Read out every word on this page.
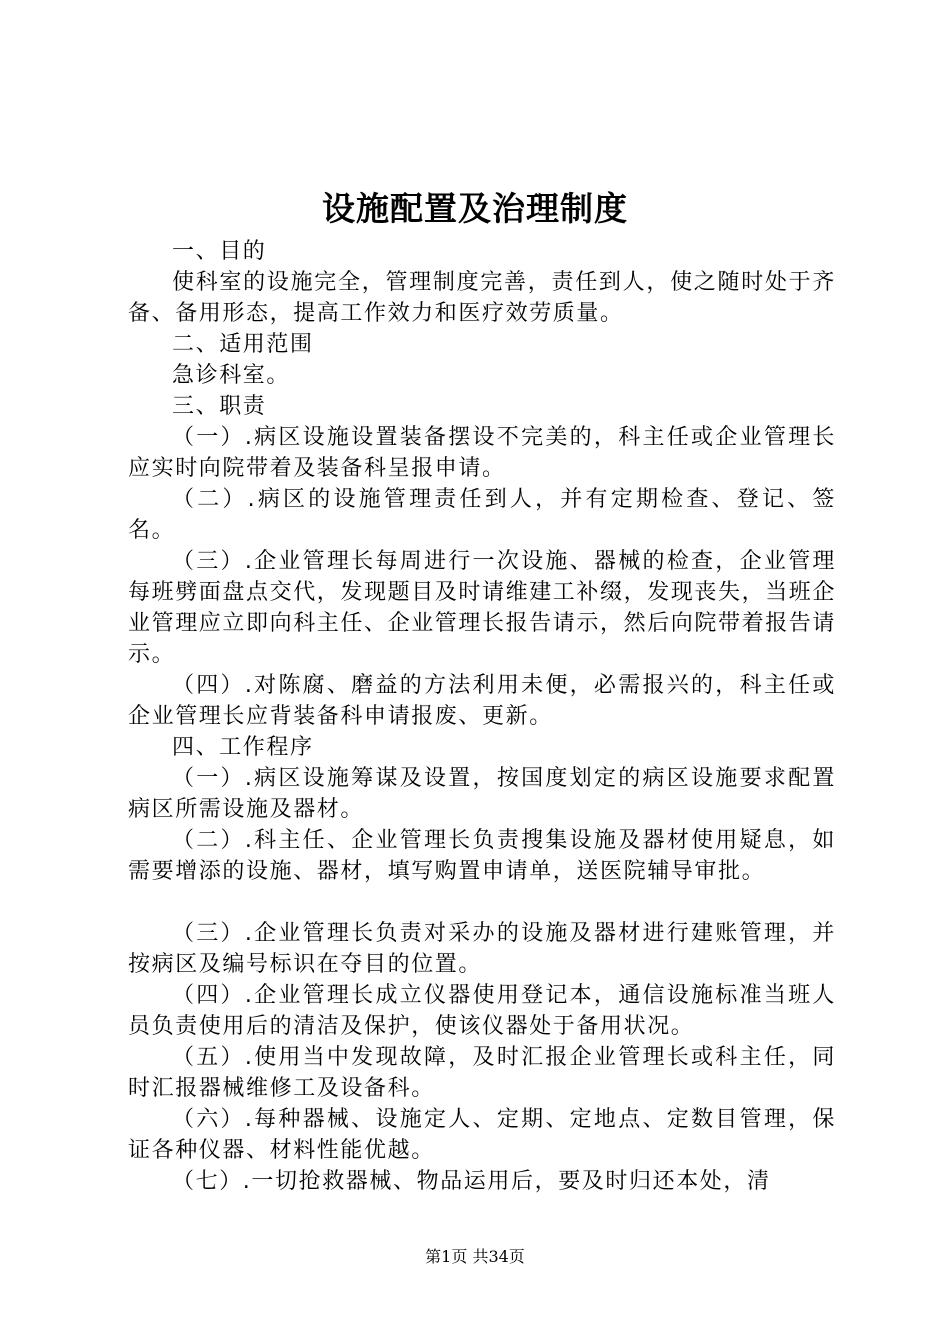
设施配置及治理制度

一、目的

使科室的设施完全，管理制度完善，责任到人，使之随时处于齐备、备用形态，提高工作效力和医疗效劳质量。

二、适用范围

急诊科室。

三、职责

（一）.病区设施设置装备摆设不完美的，科主任或企业管理长应实时向院带着及装备科呈报申请。

（二）.病区的设施管理责任到人，并有定期检查、登记、签名。

（三）.企业管理长每周进行一次设施、器械的检查，企业管理每班劈面盘点交代，发现题目及时请维建工补缀，发现丧失，当班企业管理应立即向科主任、企业管理长报告请示，然后向院带着报告请示。

（四）.对陈腐、磨益的方法利用未便，必需报兴的，科主任或企业管理长应背装备科申请报废、更新。

四、工作程序

（一）.病区设施筹谋及设置，按国度划定的病区设施要求配置病区所需设施及器材。

（二）.科主任、企业管理长负责搜集设施及器材使用疑息，如需要增添的设施、器材，填写购置申请单，送医院辅导审批。

（三）.企业管理长负责对采办的设施及器材进行建账管理，并按病区及编号标识在夺目的位置。

（四）.企业管理长成立仪器使用登记本，通信设施标准当班人员负责使用后的清洁及保护，使该仪器处于备用状况。

（五）.使用当中发现故障，及时汇报企业管理长或科主任，同时汇报器械维修工及设备科。

（六）.每种器械、设施定人、定期、定地点、定数目管理，保证各种仪器、材料性能优越。

（七）.一切抢救器械、物品运用后，要及时归还本处，清

第1页 共34页
